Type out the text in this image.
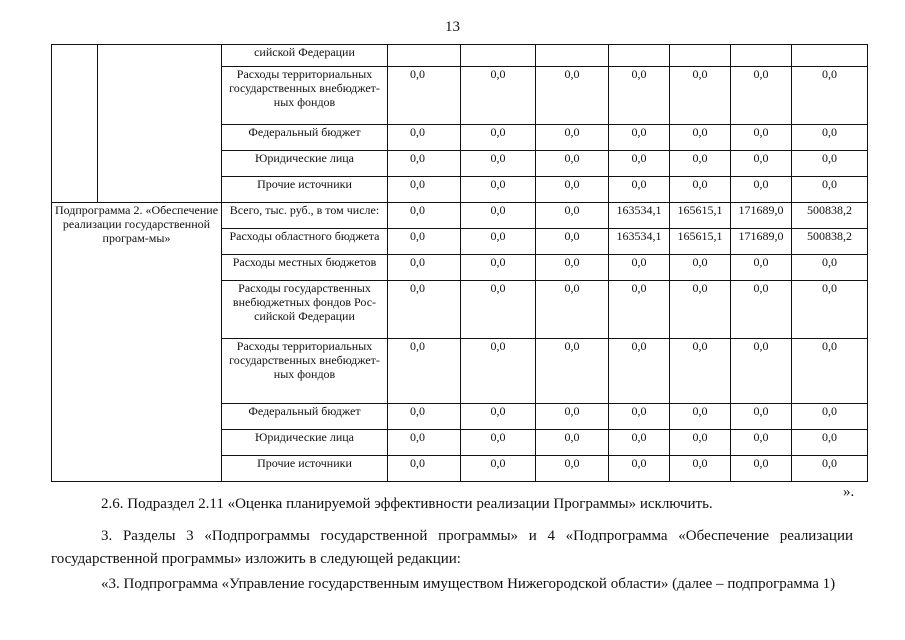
13
		сийской Федерации							
		Расходы территориальных государственных внебюджет-ных фондов	0,0	0,0	0,0	0,0	0,0	0,0	0,0
		Федеральный бюджет	0,0	0,0	0,0	0,0	0,0	0,0	0,0
		Юридические лица	0,0	0,0	0,0	0,0	0,0	0,0	0,0
		Прочие источники	0,0	0,0	0,0	0,0	0,0	0,0	0,0
Подпрограмма 2. «Обеспечение реализации государственной програм-мы»		Всего, тыс. руб., в том числе:	0,0	0,0	0,0	163534,1	165615,1	171689,0	500838,2
		Расходы областного бюджета	0,0	0,0	0,0	163534,1	165615,1	171689,0	500838,2
		Расходы местных бюджетов	0,0	0,0	0,0	0,0	0,0	0,0	0,0
		Расходы государственных внебюджетных фондов Рос-сийской Федерации	0,0	0,0	0,0	0,0	0,0	0,0	0,0
		Расходы территориальных государственных внебюджет-ных фондов	0,0	0,0	0,0	0,0	0,0	0,0	0,0
		Федеральный бюджет	0,0	0,0	0,0	0,0	0,0	0,0	0,0
		Юридические лица	0,0	0,0	0,0	0,0	0,0	0,0	0,0
		Прочие источники	0,0	0,0	0,0	0,0	0,0	0,0	0,0
».
2.6. Подраздел 2.11 «Оценка планируемой эффективности реализации Программы» исключить.
3. Разделы 3 «Подпрограммы государственной программы» и 4 «Подпрограмма «Обеспечение реализации
государственной программы» изложить в следующей редакции:
«3. Подпрограмма «Управление государственным имуществом Нижегородской области» (далее – подпрограмма 1)
